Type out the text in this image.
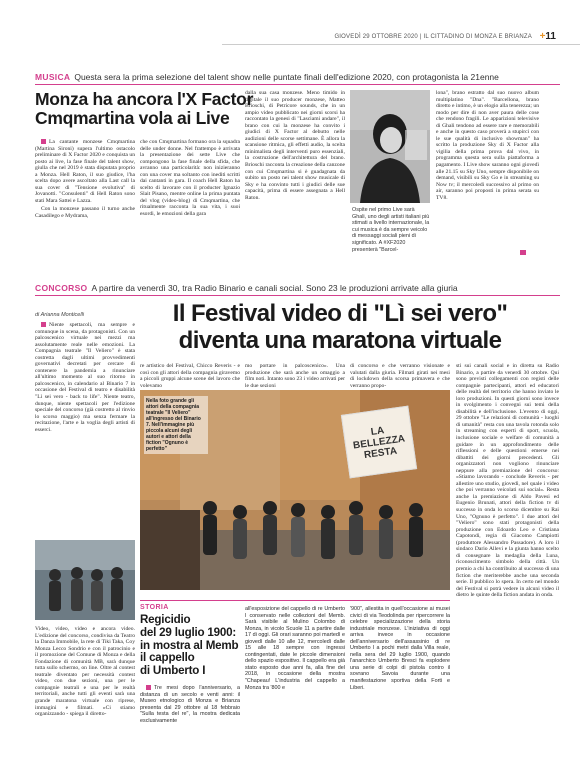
GIOVEDÌ 29 OTTOBRE 2020 | IL CITTADINO DI MONZA E BRIANZA +11
MUSICA Questa sera la prima selezione del talent show nelle puntate finali dell'edizione 2020, con protagonista la 21enne
Monza ha ancora l'X Factor
Cmqmartina vola ai Live

La cantante monzese Cmqmartina (Martina Sironi) supera l'ultimo ostacolo preliminare di X Factor 2020 e conquista un posto ai live, la fase finale del talent show, giulla che nel 2019 è stata disputata proprio a Monza. Hell Raton, il suo giudice, l'ha scelta dopo avere ascoltato alla Last call la sua cover di "Tensione evolutiva" di Jovanotti. "Consulenti" di Hell Raton sono stati Mara Sattei e Lazza.

Con la monzese passano il turno anche Casadilego e Mydrama,

che con Cmqmartina formano ora la squadra delle under donne. Nel frattempo è arrivata la presentazione dei sette Live che compongono la fase finale della sfida, che avranno una particolarità: non inizieranno con una cover ma soltanto con inediti scritti dai cantanti in gara. Il coach Hell Raton ha scelto di lavorare con il producter Ignazio Slait Pisano, mentre online la prima puntata del vlog (video-blog) di Cmqmartina, che ritualmente racconta la sua vita, i suoi esordi, le emozioni della gara
dalla sua casa monzese. Meno timido in digitale il suo producer monzese, Matteo Brioschi, di Petricore sounds, che in un ampio video pubblicato nei giorni scorsi ha raccontato la genesi di "Lasciami andare", il brano con cui la monzese ha convito i giudici di X Factor al debutto nelle audizioni delle scorse settimane. È allora la scansione ritmica, gli effetti audio, la scelta minimalista degli interventi puro essenziali, la costruzione dell'architettura del brano. Brioschi racconta la creazione della canzone con cui Cmqmartina si è guadagnata da subito un posto nei talent show musicale di Sky e ha convinto tutti i giudici delle sue capacità, prima di essere assegnata a Hell Raton.
Ospite nel primo Live sarà Ghali, uno degli artisti italiani più stimati a livello internazionale, la cui musica è da sempre veicolo di messaggi sociali pieni di significato. A #XF2020 presenterà "Barcel-
lona", brano estratto dal suo nuovo album multiplatino "Dna". "Barcellona, brano diretto e intimo, è un elogio alla tenerezza; un modo per dire di non aver paura delle cose che rendono fragili. Le apparizioni televisive di Ghali tendono ad essere rare e memorabili e anche in questo caso proverà a stupirci con le sue qualità di inclusivo showman" ha scritto la produzione Sky di X Factor alla vigilia della prima prova dal vivo, in programma questa sera sulla piattaforma a pagamento. I Live show saranno ogni giovedì alle 21.15 su Sky Uno, sempre disponibile on demand, visibili su Sky Go e in streaming su Now tv; il mercoledì successivo al primo on air, saranno poi proposti in prima serata su TV8.
CONCORSO A partire da venerdì 30, tra Radio Binario e canali social. Sono 23 le produzioni arrivate alla giuria
di Arianna Monticelli	Il Festival video di "Lì sei vero"
diventa una maratona virtuale

Niente spettacoli, ma sempre e comunque in scena, da protagonisti. Con un palcoscenico virtuale nei mezzi ma assolutamente reale nelle emozioni. La Compagnia teatrale "Il Veliero" è stata costretta dagli ultimi provvedimenti governativi decretati per cercare di contenere la pandemia a rinunciare all'ultimo momento al suo ritorno in palcoscenico, in calendario al Binario 7 in occasione del Festival di teatro e disabilità "Lì sei vero - back to life". Niente teatro, dunque, niente spettacoli per l'edizione speciale del concorso (già costretto al rinvio lo scorso maggio) ma senza fermare la recitazione, l'arte e la voglia degli artisti di esserci.

re artistico del Festival, Chicco Reveris - e così con gli attori della compagnia giravemo a piccoli gruppi alcune scene del lavoro che volevamo
mo portare in palcoscenico». Una produzione che sarà anche un omaggio a film noti. Intanto sono 23 i video arrivati per le due sezioni
di concorso e che verranno visionate e valutati dalla giuria. Filmati girati nei mesi di lockdown della scorsa primavera e che verranno propo-
sti sui canali social e in diretta su Radio Binario, a partire da venerdì 30 ottobre. Qui sono previsti collegamenti con registi delle compagnie partecipanti, attori ed educatori delle realtà del territorio che hanno inviato le loro produzioni. In questi giorni sono invece in svolgimento i convegni sui temi della disabilità e dell'inclusione. L'evento di oggi, 29 ottobre "Le relazioni di comunità - luoghi di umanità" resta con una tavola rotonda solo in streaming con esperti di sport, scuola, inclusione sociale e welfare di comunità a guidare in un approfondimento delle riflessioni e delle questioni emerse nei dibattiti dei giorni precedenti. Gli organizzatori non vogliono rinunciare neppure alla premiazione del concorso: «Stiamo lavorando - conclude Reveris - per allestire uno studio, giovedì, nel quale i video che poi verranno veicolati sui social». Resta anche la premiazione di Aldo Pavesi ed Eugenio Brunati, attori della fiction tv di successo in onda lo scorso dicembre su Rai Uno, "Ognuno è perfetto". I due attori del "Veliero" sono stati protagonisti della produzione con Edoardo Leo e Cristiana Capotondi, regia di Giacomo Campiotti (produttore Alessandro Passadore). A loro il sindaco Dario Allevi e la giunta hanno scelto di consegnare la medaglia della Luna, riconoscimento simbolo della città. Un premio a chi ha contribuito al successo di una fiction che meriterebbe anche una seconda serie. Il pubblico lo spera. In certo nel mondo del Festival si potrà vedere in alcuni video il dietro le quinte della fiction andata in onda.
LA BELLEZZA RESTA
Nella foto grande gli attori della compagnia teatrale "Il Veliero" all'ingresso del Binario 7. Nell'immagine più piccola alcuni degli autori e attori della fiction "Ognuno è perfetto"
Video, video, video e ancora video. L'edizione del concorso, condivisa da Teatro la Danza Immobile, la rete di Tiki Taka, Coy Monza Lecco Sondrio e con il patrocinio e il promozione del Comune di Monza e della Fondazione di comunità MB, sarà dunque tutta sullo schermo, on line. Oltre al contest teatrale diventato per necessità contest video, con due sezioni, una per le compagnie teatrali e una per le realtà territoriali, anche tutti gli eventi sarà una grande maratona virtuale con riprese, immagini e filmati. «Ci stiamo organizzando - spiega il diretto-
STORIA
Regicidio
del 29 luglio 1900:
in mostra al Memb
il cappello
di Umberto I

Tre mesi dopo l'anniversario, a distanza di un secolo e venti anni: il Museo etnologico di Monza e Brianza presenta dal 29 ottobre al 18 febbraio "Sulla testa del re", la mostra dedicata esclusivamente

all'esposizione del cappello di re Umberto I conservato nelle collezioni del Memb. Sarà visibile al Mulino Colombo di Monza, in vicolo Scuole 11 a partire dalle 17 di oggi. Gli orari saranno poi martedì e giovedì dalle 10 alle 12, mercoledì dalle 15 alle 18 sempre con ingressi contingentati, date le piccole dimensioni dello spazio espositivo. Il cappello era già stato esposto due anni fa, alla fine del 2018, in occasione della mostra "Chapeau! L'industria del cappello a Monza tra '800 e
'900", allestita in quell'occasione ai musei civici di via Teodolinda per ripercorrere la celebre specializzazione della storia industriale monzese. L'iniziativa di oggi arriva invece in occasione dell'anniversario dell'assassinio di re Umberto I a pochi metri dalla Villa reale, nella sera del 29 luglio 1900, quando l'anarchico Umberto Bresci fa esplodere una serie di colpi di pistola contro il sovrano Savoia durante una manifestazione sportiva della Forti e Liberi.
